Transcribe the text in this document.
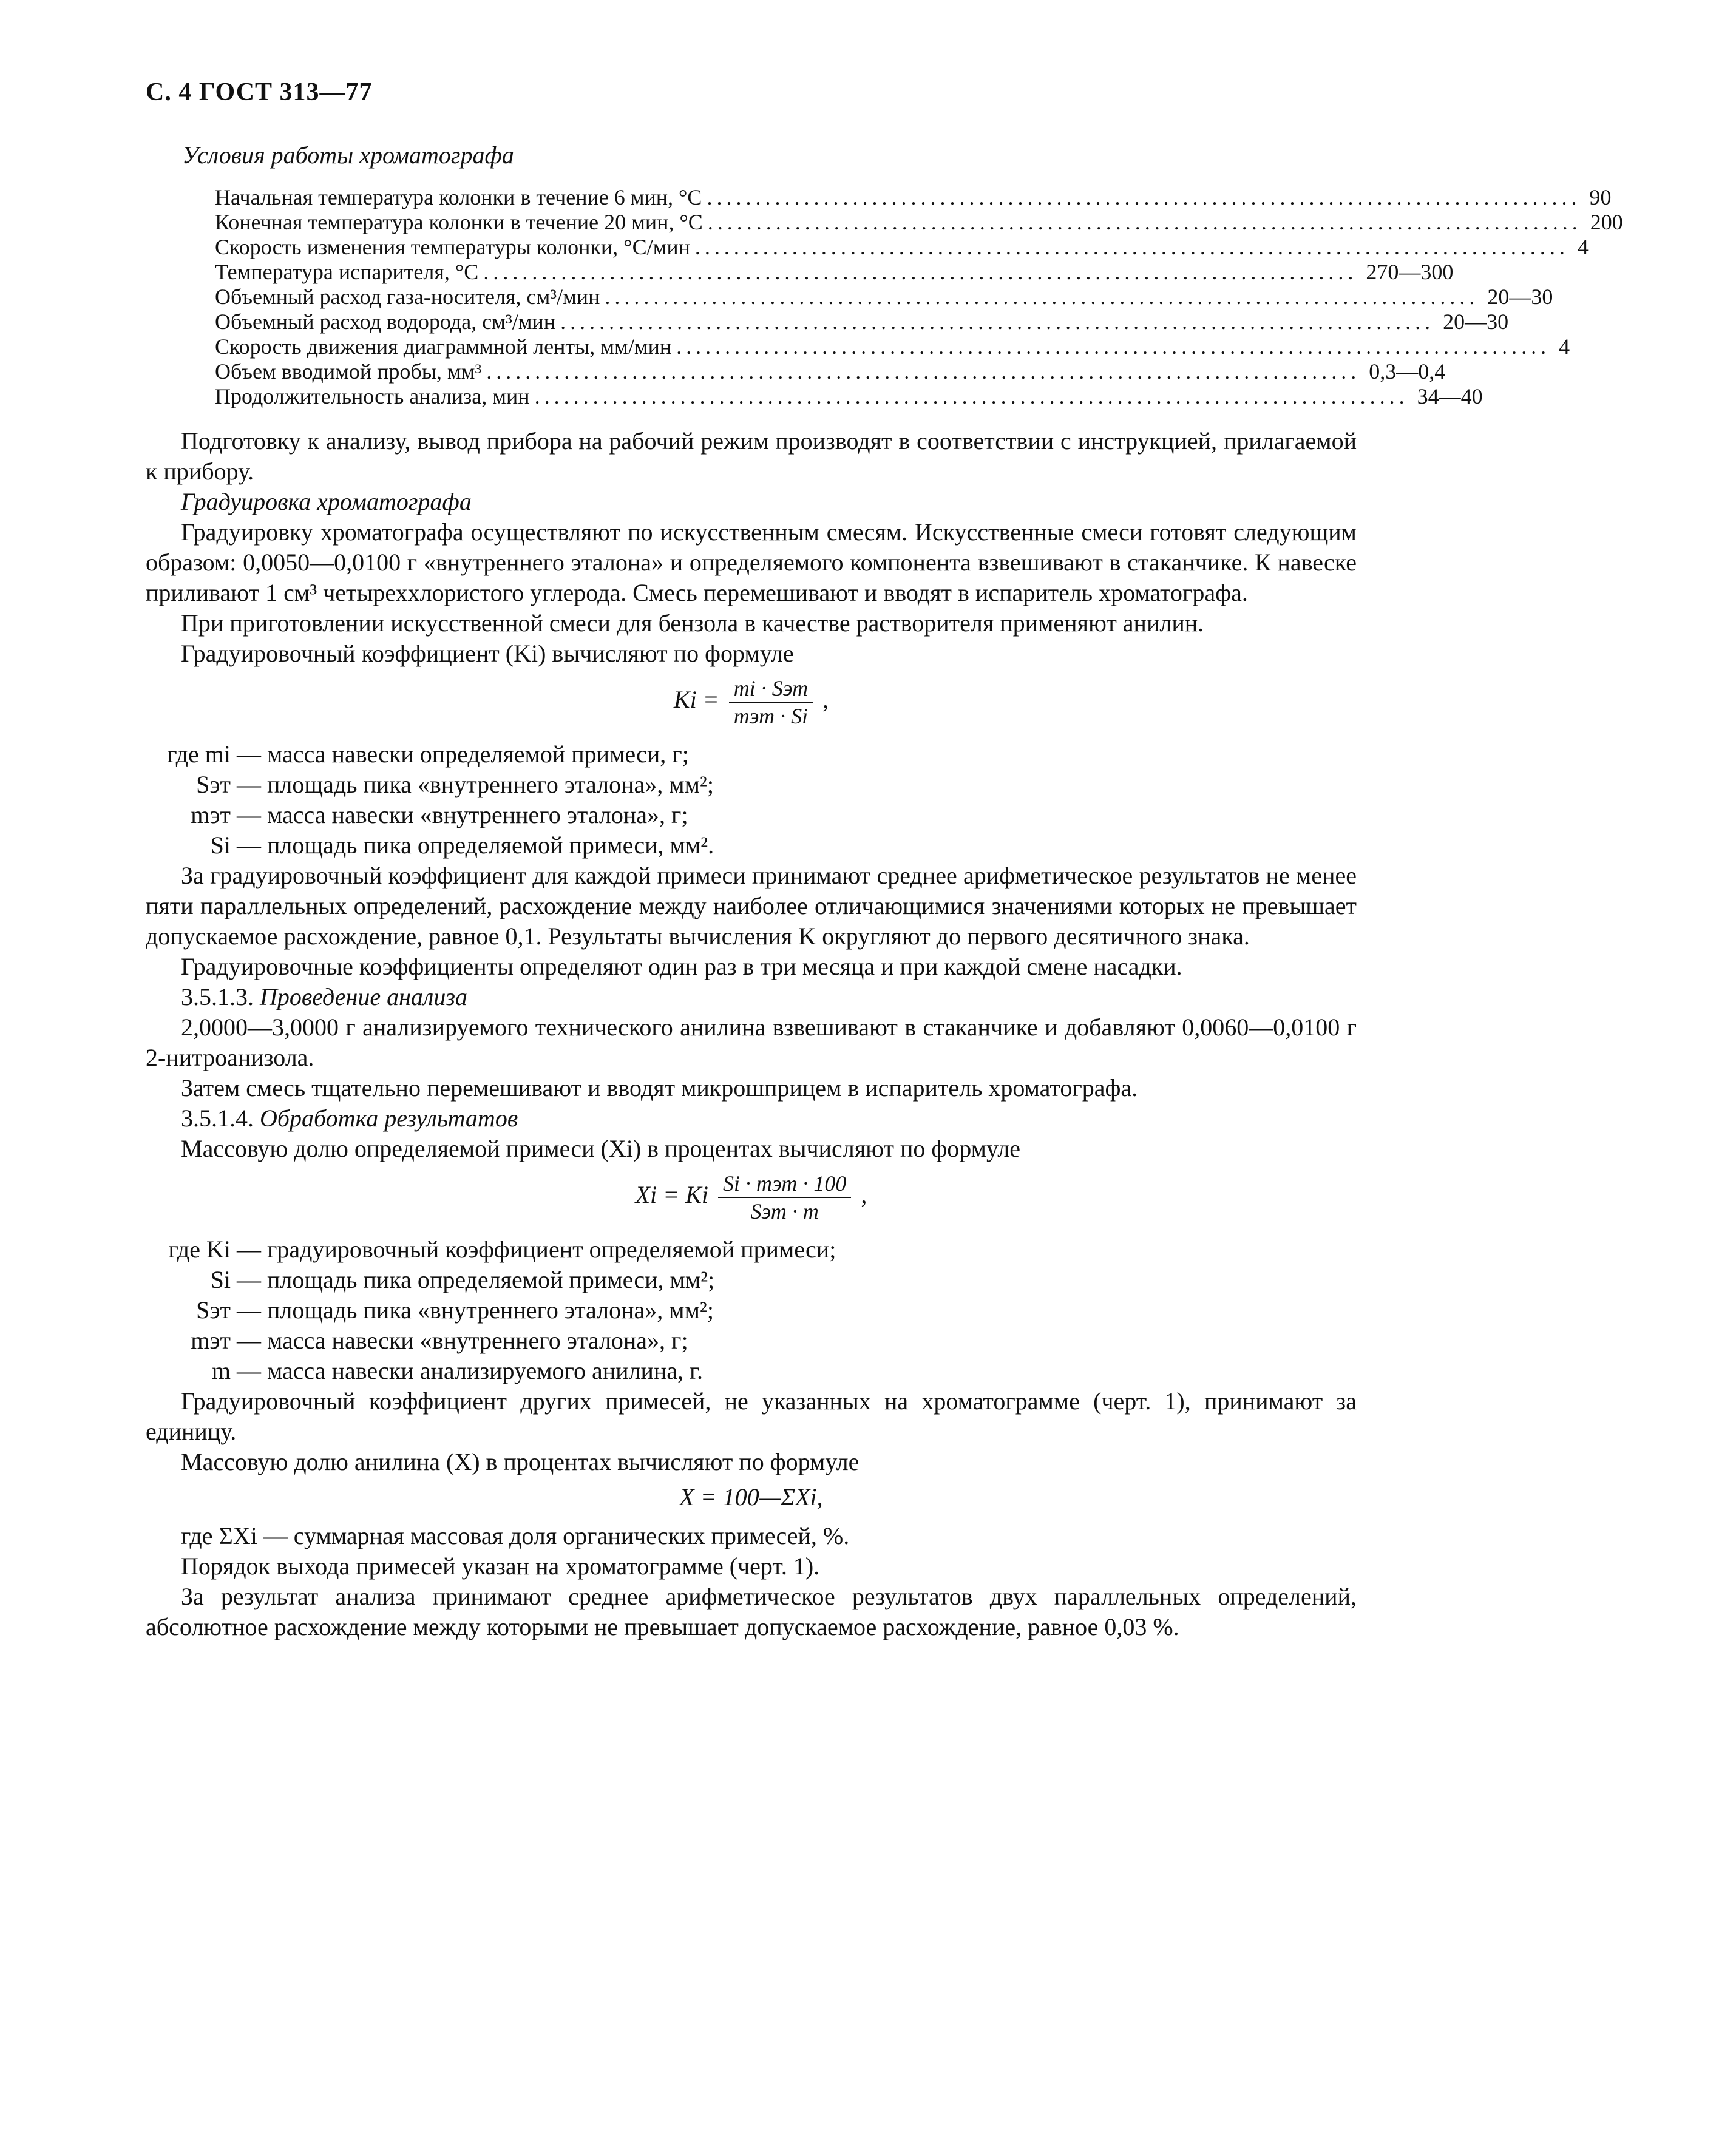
С. 4 ГОСТ 313—77
Условия работы хроматографа
Начальная температура колонки в течение 6 мин, °С .......................................................................................... 90
Конечная температура колонки в течение 20 мин, °С .......................................................................................... 200
Скорость изменения температуры колонки, °С/мин .......................................................................................... 4
Температура испарителя, °С .......................................................................................... 270—300
Объемный расход газа-носителя, см³/мин .......................................................................................... 20—30
Объемный расход водорода, см³/мин .......................................................................................... 20—30
Скорость движения диаграммной ленты, мм/мин .......................................................................................... 4
Объем вводимой пробы, мм³ .......................................................................................... 0,3—0,4
Продолжительность анализа, мин .......................................................................................... 34—40

Подготовку к анализу, вывод прибора на рабочий режим производят в соответствии с инструкцией, прилагаемой к прибору.

Градуировка хроматографа

Градуировку хроматографа осуществляют по искусственным смесям. Искусственные смеси готовят следующим образом: 0,0050—0,0100 г «внутреннего эталона» и определяемого компонента взвешивают в стаканчике. К навеске приливают 1 см³ четыреххлористого углерода. Смесь перемешивают и вводят в испаритель хроматографа.

При приготовлении искусственной смеси для бензола в качестве растворителя применяют анилин.

Градуировочный коэффициент (Ki) вычисляют по формуле

$Ki = \frac{\text{mi · Sэт}}{\text{mэт · Si}}$ ,
где mi —
масса навески определяемой примеси, г;
Sэт —
площадь пика «внутреннего эталона», мм²;
mэт —
масса навески «внутреннего эталона», г;
Si —
площадь пика определяемой примеси, мм².

За градуировочный коэффициент для каждой примеси принимают среднее арифметическое результатов не менее пяти параллельных определений, расхождение между наиболее отличающимися значениями которых не превышает допускаемое расхождение, равное 0,1. Результаты вычисления K округляют до первого десятичного знака.

Градуировочные коэффициенты определяют один раз в три месяца и при каждой смене насадки.

3.5.1.3. Проведение анализа

2,0000—3,0000 г анализируемого технического анилина взвешивают в стаканчике и добавляют 0,0060—0,0100 г 2-нитроанизола.

Затем смесь тщательно перемешивают и вводят микрошприцем в испаритель хроматографа.

3.5.1.4. Обработка результатов

Массовую долю определяемой примеси (Xi) в процентах вычисляют по формуле

Xi = Ki $\frac{\text{Si · mэт · 100}}{\text{Sэт · m}}$ ,
где Ki —
градуировочный коэффициент определяемой примеси;
Si —
площадь пика определяемой примеси, мм²;
Sэт —
площадь пика «внутреннего эталона», мм²;
mэт —
масса навески «внутреннего эталона», г;
m —
масса навески анализируемого анилина, г.

Градуировочный коэффициент других примесей, не указанных на хроматограмме (черт. 1), принимают за единицу.

Массовую долю анилина (X) в процентах вычисляют по формуле

X = 100—ΣXi,

где ΣXi — суммарная массовая доля органических примесей, %.

Порядок выхода примесей указан на хроматограмме (черт. 1).

За результат анализа принимают среднее арифметическое результатов двух параллельных определений, абсолютное расхождение между которыми не превышает допускаемое расхождение, равное 0,03 %.
